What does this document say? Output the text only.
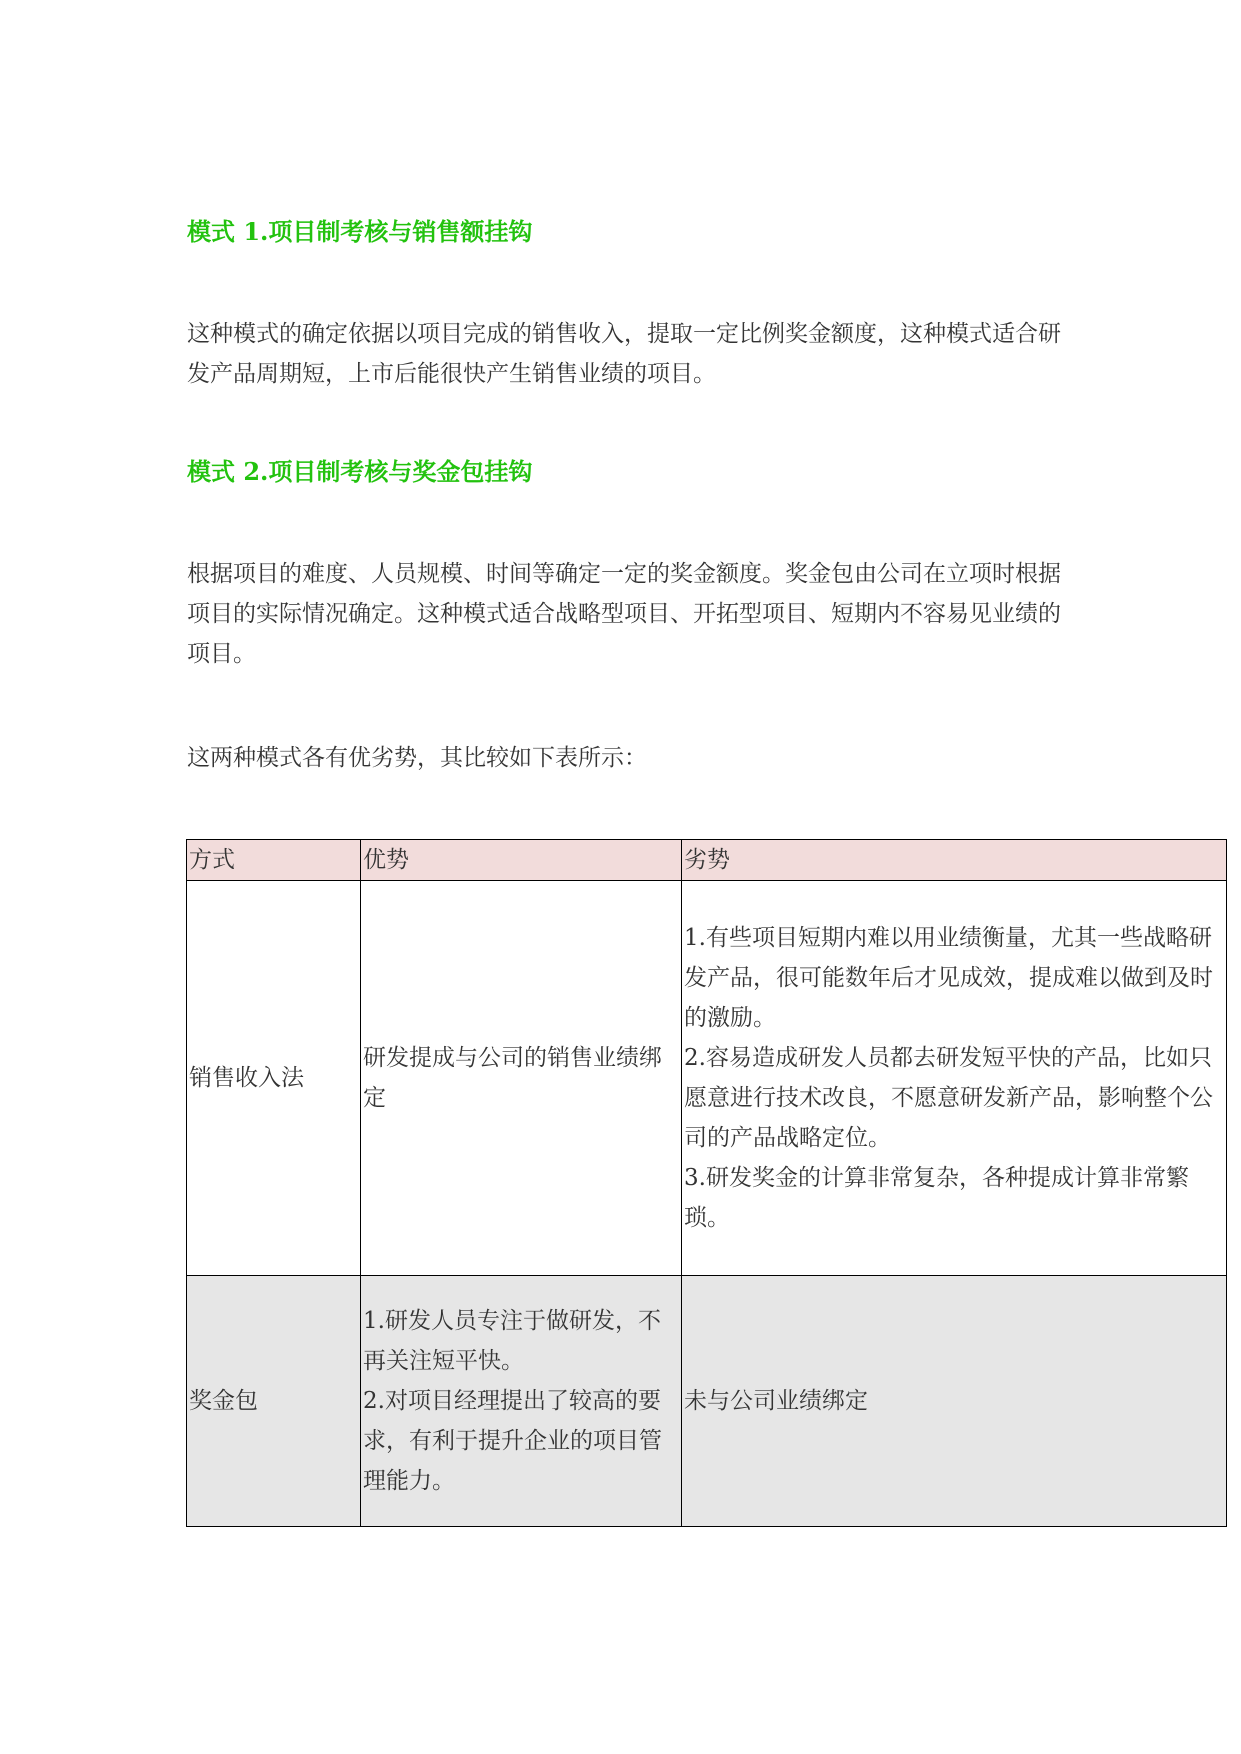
模式 1.项目制考核与销售额挂钩

这种模式的确定依据以项目完成的销售收入，提取一定比例奖金额度，这种模式适合研发产品周期短，上市后能很快产生销售业绩的项目。

模式 2.项目制考核与奖金包挂钩

根据项目的难度、人员规模、时间等确定一定的奖金额度。奖金包由公司在立项时根据项目的实际情况确定。这种模式适合战略型项目、开拓型项目、短期内不容易见业绩的项目。

这两种模式各有优劣势，其比较如下表所示：

方式	优势	劣势
销售收入法	研发提成与公司的销售业绩绑定	1.有些项目短期内难以用业绩衡量，尤其一些战略研发产品，很可能数年后才见成效，提成难以做到及时的激励。
2.容易造成研发人员都去研发短平快的产品，比如只愿意进行技术改良，不愿意研发新产品，影响整个公司的产品战略定位。
3.研发奖金的计算非常复杂，各种提成计算非常繁琐。

奖金包	1.研发人员专注于做研发，不再关注短平快。
2.对项目经理提出了较高的要求，有利于提升企业的项目管理能力。	未与公司业绩绑定
